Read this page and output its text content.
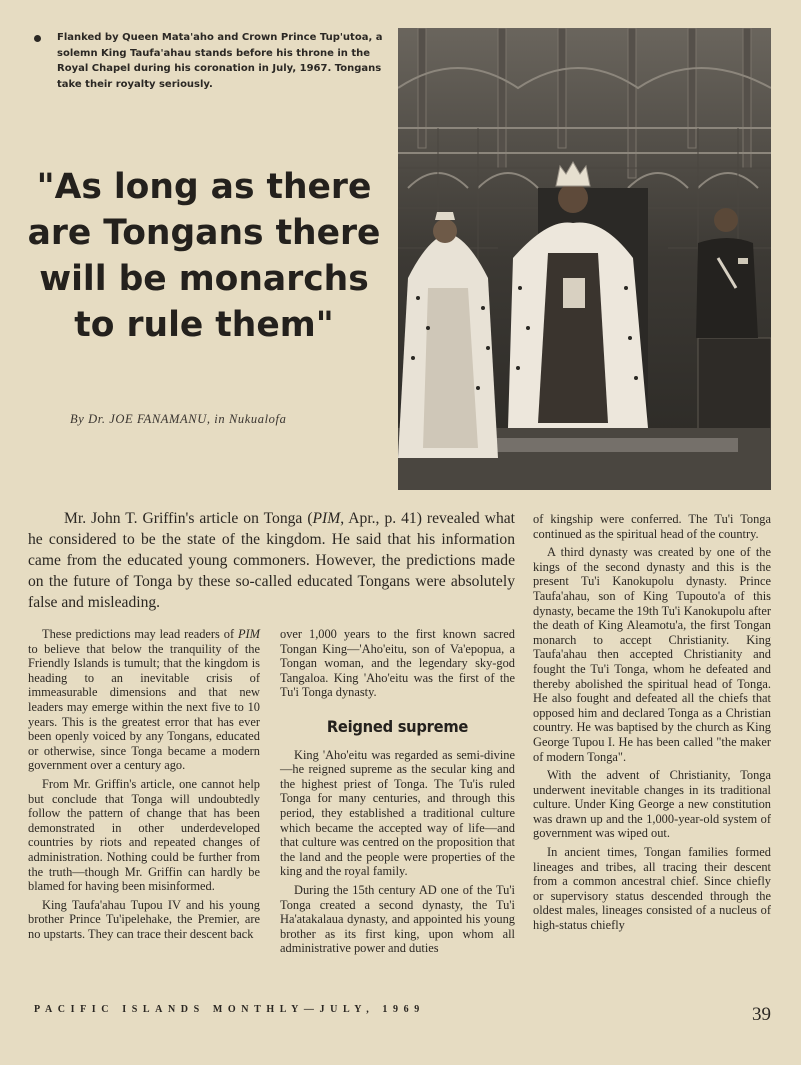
Flanked by Queen Mata'aho and Crown Prince Tup'utoa, a solemn King Taufa'ahau stands before his throne in the Royal Chapel during his coronation in July, 1967. Tongans take their royalty seriously.
"As long as there
are Tongans there
will be monarchs
to rule them"
By Dr. JOE FANAMANU, in Nukualofa

Mr. John T. Griffin's article on Tonga (PIM, Apr., p. 41) revealed what he considered to be the state of the kingdom. He said that his information came from the educated young commoners. However, the predictions made on the future of Tonga by these so-called educated Tongans were absolutely false and misleading.

These predictions may lead readers of PIM to believe that below the tranquility of the Friendly Islands is tumult; that the kingdom is heading to an inevitable crisis of immeasurable dimensions and that new leaders may emerge within the next five to 10 years. This is the greatest error that has ever been openly voiced by any Tongans, educated or otherwise, since Tonga became a modern government over a century ago.

From Mr. Griffin's article, one cannot help but conclude that Tonga will undoubtedly follow the pattern of change that has been demonstrated in other underdeveloped countries by riots and repeated changes of administration. Nothing could be further from the truth—though Mr. Griffin can hardly be blamed for having been misinformed.

King Taufa'ahau Tupou IV and his young brother Prince Tu'ipelehake, the Premier, are no upstarts. They can trace their descent back

over 1,000 years to the first known sacred Tongan King—'Aho'eitu, son of Va'epopua, a Tongan woman, and the legendary sky-god Tangaloa. King 'Aho'eitu was the first of the Tu'i Tonga dynasty.

Reigned supreme

King 'Aho'eitu was regarded as semi-divine—he reigned supreme as the secular king and the highest priest of Tonga. The Tu'is ruled Tonga for many centuries, and through this period, they established a traditional culture which became the accepted way of life—and that culture was centred on the proposition that the land and the people were properties of the king and the royal family.

During the 15th century AD one of the Tu'i Tonga created a second dynasty, the Tu'i Ha'atakalaua dynasty, and appointed his young brother as its first king, upon whom all administrative power and duties

of kingship were conferred. The Tu'i Tonga continued as the spiritual head of the country.

A third dynasty was created by one of the kings of the second dynasty and this is the present Tu'i Kanokupolu dynasty. Prince Taufa'ahau, son of King Tupouto'a of this dynasty, became the 19th Tu'i Kanokupolu after the death of King Aleamotu'a, the first Tongan monarch to accept Christianity. King Taufa'ahau then accepted Christianity and fought the Tu'i Tonga, whom he defeated and thereby abolished the spiritual head of Tonga. He also fought and defeated all the chiefs that opposed him and declared Tonga as a Christian country. He was baptised by the church as King George Tupou I. He has been called "the maker of modern Tonga".

With the advent of Christianity, Tonga underwent inevitable changes in its traditional culture. Under King George a new constitution was drawn up and the 1,000-year-old system of government was wiped out.

In ancient times, Tongan families formed lineages and tribes, all tracing their descent from a common ancestral chief. Since chiefly or supervisory status descended through the oldest males, lineages consisted of a nucleus of high-status chiefly

PACIFIC ISLANDS MONTHLY—JULY, 1969	39
